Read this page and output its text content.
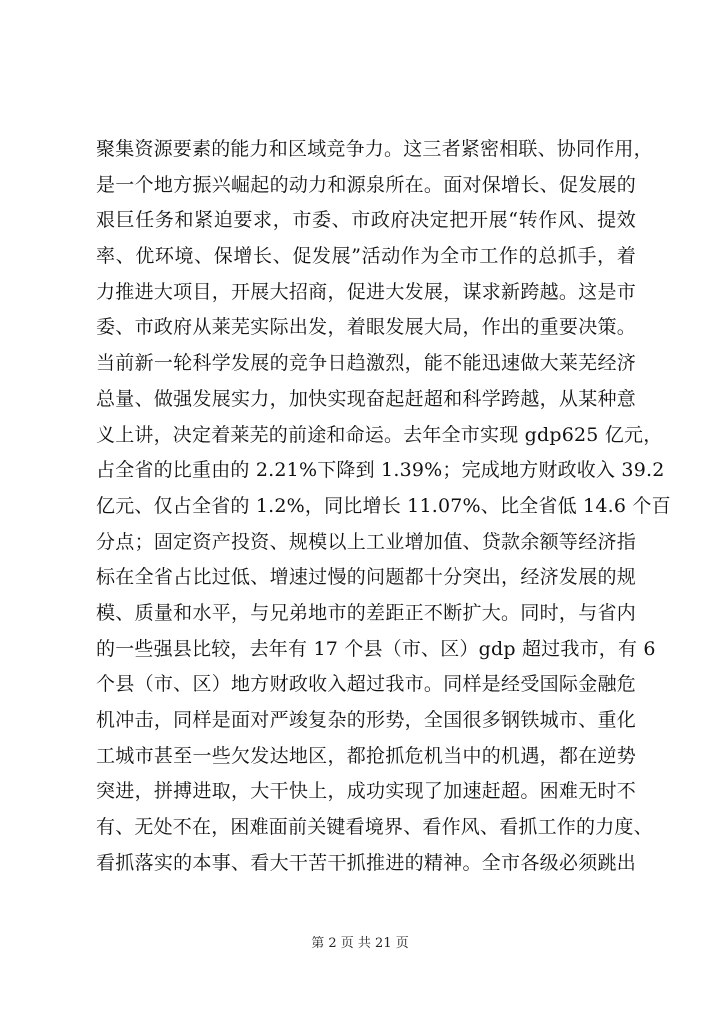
聚集资源要素的能力和区域竞争力。这三者紧密相联、协同作用，
是一个地方振兴崛起的动力和源泉所在。面对保增长、促发展的
艰巨任务和紧迫要求，市委、市政府决定把开展“转作风、提效
率、优环境、保增长、促发展”活动作为全市工作的总抓手，着
力推进大项目，开展大招商，促进大发展，谋求新跨越。这是市
委、市政府从莱芜实际出发，着眼发展大局，作出的重要决策。
当前新一轮科学发展的竞争日趋激烈，能不能迅速做大莱芜经济
总量、做强发展实力，加快实现奋起赶超和科学跨越，从某种意
义上讲，决定着莱芜的前途和命运。去年全市实现 gdp625 亿元，
占全省的比重由的 2.21%下降到 1.39%；完成地方财政收入 39.2
亿元、仅占全省的 1.2%，同比增长 11.07%、比全省低 14.6 个百
分点；固定资产投资、规模以上工业增加值、贷款余额等经济指
标在全省占比过低、增速过慢的问题都十分突出，经济发展的规
模、质量和水平，与兄弟地市的差距正不断扩大。同时，与省内
的一些强县比较，去年有 17 个县（市、区）gdp 超过我市，有 6
个县（市、区）地方财政收入超过我市。同样是经受国际金融危
机冲击，同样是面对严竣复杂的形势，全国很多钢铁城市、重化
工城市甚至一些欠发达地区，都抢抓危机当中的机遇，都在逆势
突进，拼搏进取，大干快上，成功实现了加速赶超。困难无时不
有、无处不在，困难面前关键看境界、看作风、看抓工作的力度、
看抓落实的本事、看大干苦干抓推进的精神。全市各级必须跳出
第 2 页 共 21 页
